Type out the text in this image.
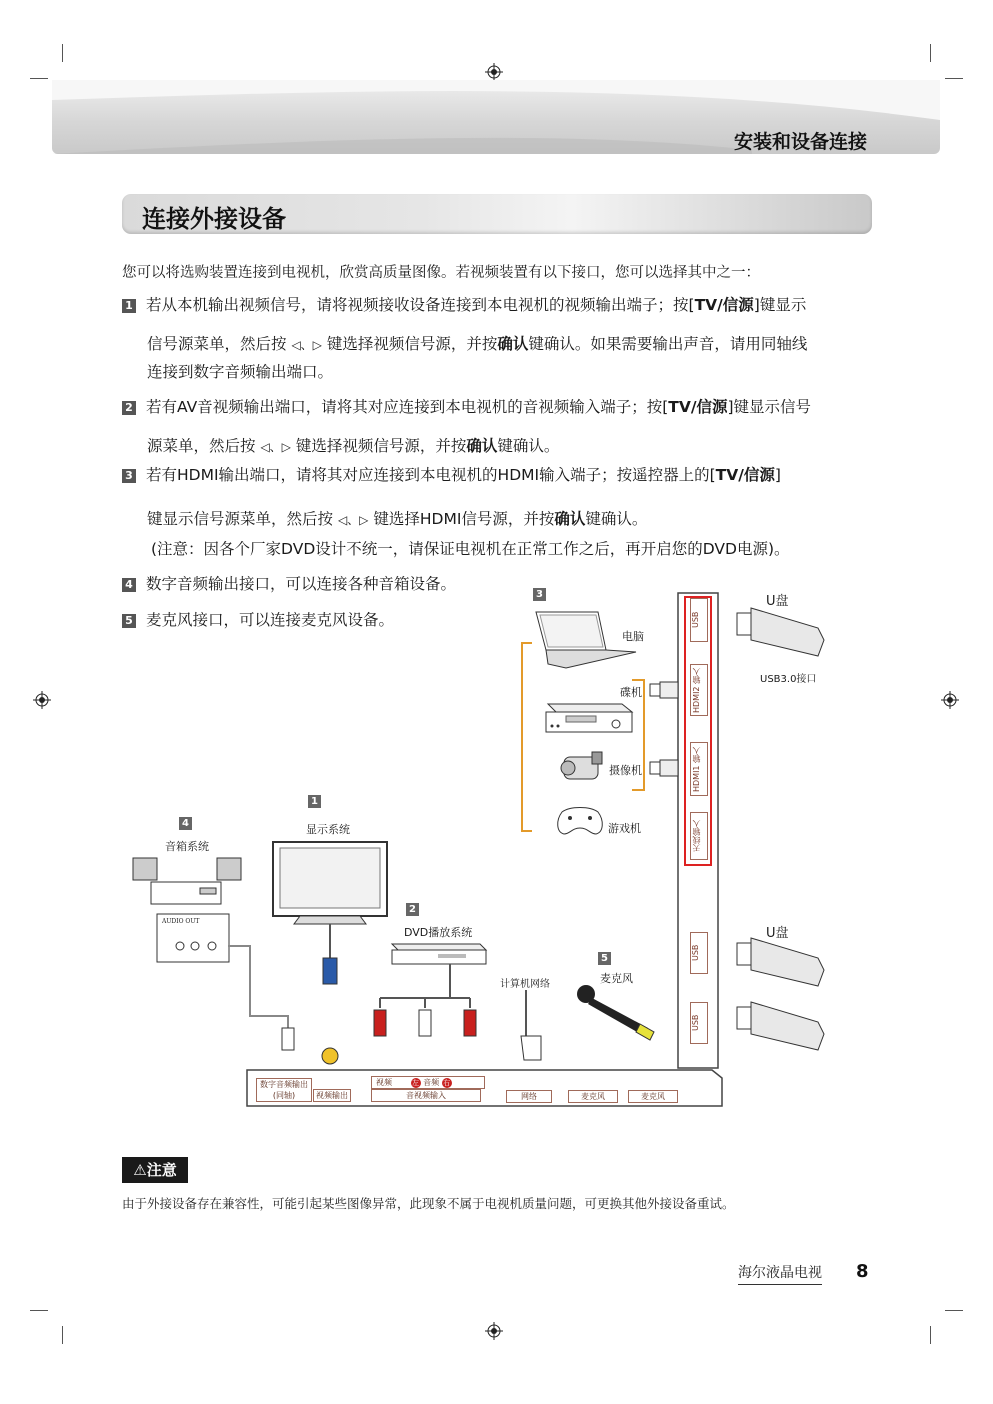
安装和设备连接
连接外接设备
您可以将选购装置连接到电视机，欣赏高质量图像。若视频装置有以下接口，您可以选择其中之一：
1 若从本机输出视频信号，请将视频接收设备连接到本电视机的视频输出端子；按[TV/信源]键显示
信号源菜单，然后按 ◁、▷ 键选择视频信号源，并按确认键确认。如果需要输出声音，请用同轴线
连接到数字音频输出端口。
2 若有AV音视频输出端口，请将其对应连接到本电视机的音视频输入端子；按[TV/信源]键显示信号
源菜单，然后按 ◁、▷ 键选择视频信号源，并按确认键确认。
3 若有HDMI输出端口，请将其对应连接到本电视机的HDMI输入端子；按遥控器上的[TV/信源]
键显示信号源菜单，然后按 ◁、▷ 键选择HDMI信号源，并按确认键确认。
(注意：因各个厂家DVD设计不统一，请保证电视机在正常工作之后，再开启您的DVD电源)。
4 数字音频输出接口，可以连接各种音箱设备。
5 麦克风接口，可以连接麦克风设备。
3
1
4
2
5
电脑
碟机
摄像机
游戏机
显示系统
音箱系统
DVD播放系统
计算机网络	麦克风
U盘
U盘
USB3.0接口
AUDIO OUT
USB
HDMI2 输入
HDMI1 输入
天线输入
USB
USB
数字音频输出
(同轴)	视频输出
视频	左 音频 右
音视频输入	网络	麦克风	麦克风
⚠注意
由于外接设备存在兼容性，可能引起某些图像异常，此现象不属于电视机质量问题，可更换其他外接设备重试。
海尔液晶电视 8
